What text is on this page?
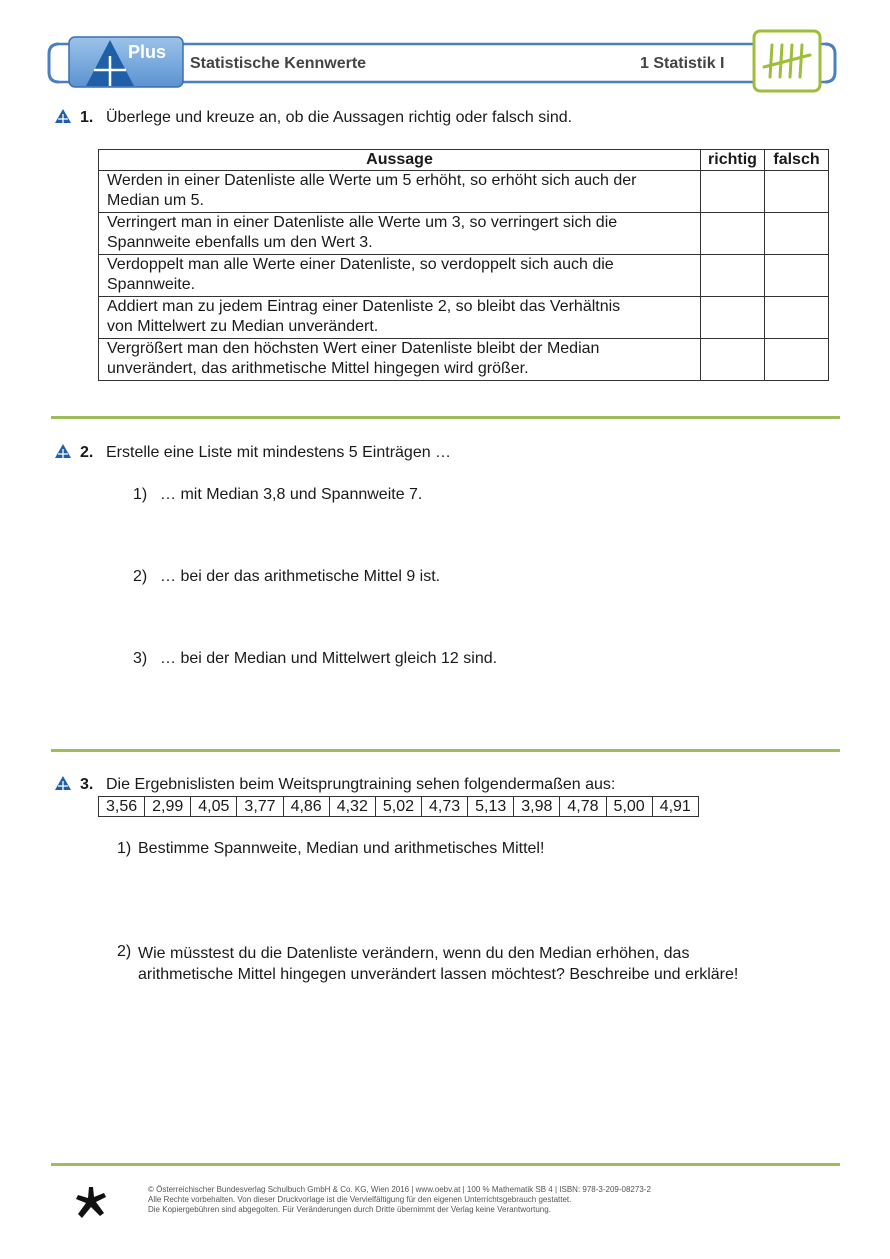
Plus
Statistische Kennwerte	1 Statistik I
1. Überlege und kreuze an, ob die Aussagen richtig oder falsch sind.
Aussage	richtig	falsch
Werden in einer Datenliste alle Werte um 5 erhöht, so erhöht sich auch der
Median um 5.		
Verringert man in einer Datenliste alle Werte um 3, so verringert sich die
Spannweite ebenfalls um den Wert 3.		
Verdoppelt man alle Werte einer Datenliste, so verdoppelt sich auch die
Spannweite.		
Addiert man zu jedem Eintrag einer Datenliste 2, so bleibt das Verhältnis
von Mittelwert zu Median unverändert.		
Vergrößert man den höchsten Wert einer Datenliste bleibt der Median
unverändert, das arithmetische Mittel hingegen wird größer.		
2. Erstelle eine Liste mit mindestens 5 Einträgen …
1) … mit Median 3,8 und Spannweite 7.
2) … bei der das arithmetische Mittel 9 ist.
3) … bei der Median und Mittelwert gleich 12 sind.
3. Die Ergebnislisten beim Weitsprungtraining sehen folgendermaßen aus:
3,56	2,99	4,05	3,77	4,86	4,32	5,02	4,73	5,13	3,98	4,78	5,00	4,91
1) Bestimme Spannweite, Median und arithmetisches Mittel!
2) Wie müsstest du die Datenliste verändern, wenn du den Median erhöhen, das
arithmetische Mittel hingegen unverändert lassen möchtest? Beschreibe und erkläre!
© Österreichischer Bundesverlag Schulbuch GmbH & Co. KG, Wien 2016 | www.oebv.at | 100 % Mathematik SB 4 | ISBN: 978-3-209-08273-2
Alle Rechte vorbehalten. Von dieser Druckvorlage ist die Vervielfältigung für den eigenen Unterrichtsgebrauch gestattet.
Die Kopiergebühren sind abgegolten. Für Veränderungen durch Dritte übernimmt der Verlag keine Verantwortung.
